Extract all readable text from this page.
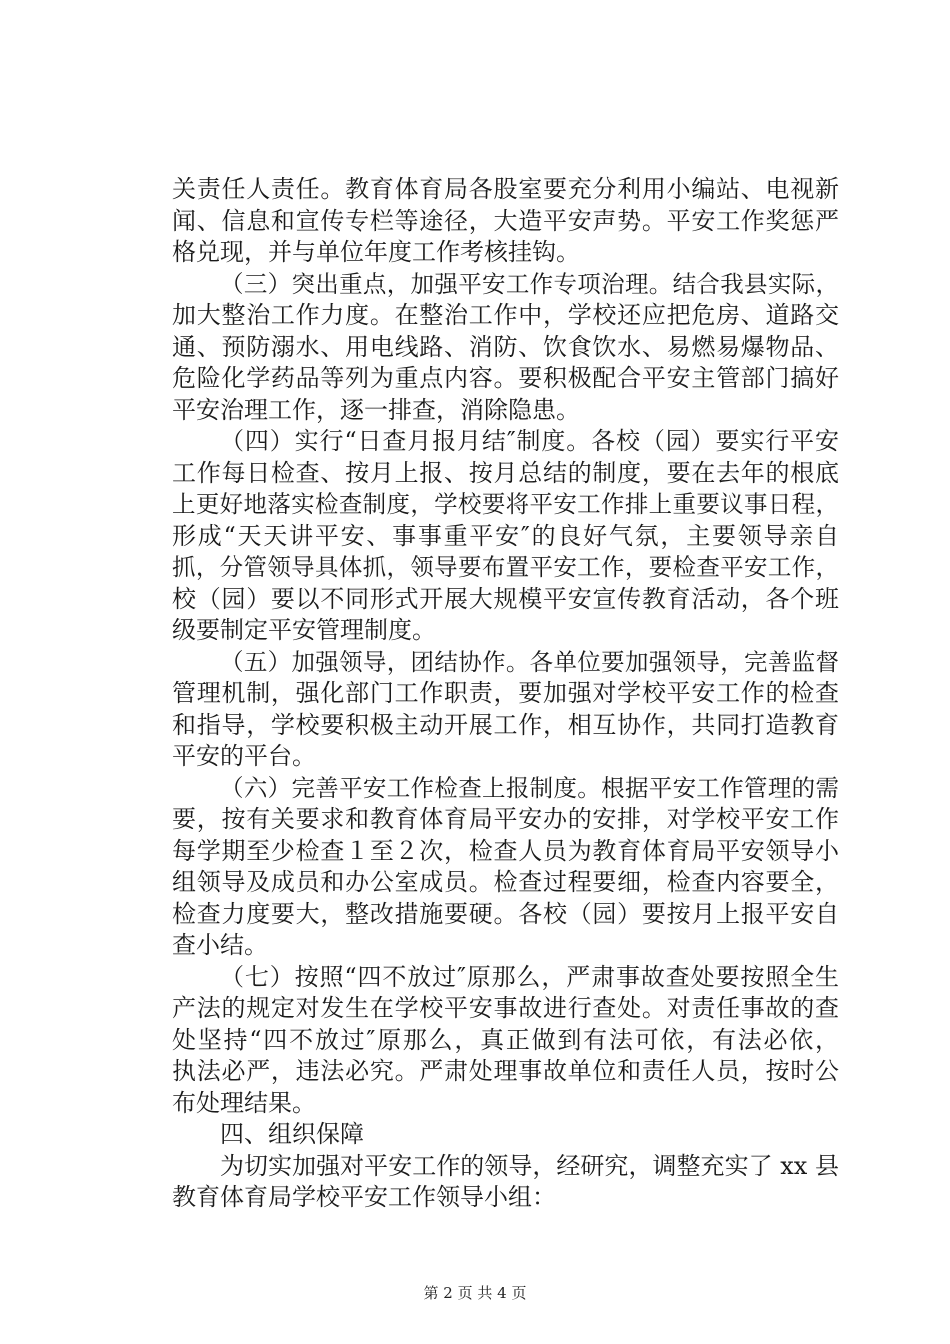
关责任人责任。教育体育局各股室要充分利用小编站、电视新
闻、信息和宣传专栏等途径，大造平安声势。平安工作奖惩严
格兑现，并与单位年度工作考核挂钩。
（三）突出重点，加强平安工作专项治理。结合我县实际，
加大整治工作力度。在整治工作中，学校还应把危房、道路交
通、预防溺水、用电线路、消防、饮食饮水、易燃易爆物品、
危险化学药品等列为重点内容。要积极配合平安主管部门搞好
平安治理工作，逐一排查，消除隐患。
（四）实行“日查月报月结″制度。各校（园）要实行平安
工作每日检查、按月上报、按月总结的制度，要在去年的根底
上更好地落实检查制度，学校要将平安工作排上重要议事日程，
形成“天天讲平安、事事重平安″的良好气氛，主要领导亲自
抓，分管领导具体抓，领导要布置平安工作，要检查平安工作，
校（园）要以不同形式开展大规模平安宣传教育活动，各个班
级要制定平安管理制度。
（五）加强领导，团结协作。各单位要加强领导，完善监督
管理机制，强化部门工作职责，要加强对学校平安工作的检查
和指导，学校要积极主动开展工作，相互协作，共同打造教育
平安的平台。
（六）完善平安工作检查上报制度。根据平安工作管理的需
要，按有关要求和教育体育局平安办的安排，对学校平安工作
每学期至少检查１至２次，检查人员为教育体育局平安领导小
组领导及成员和办公室成员。检查过程要细，检查内容要全，
检查力度要大，整改措施要硬。各校（园）要按月上报平安自
查小结。
（七）按照“四不放过″原那么，严肃事故查处要按照全生
产法的规定对发生在学校平安事故进行查处。对责任事故的查
处坚持“四不放过″原那么，真正做到有法可依，有法必依，
执法必严，违法必究。严肃处理事故单位和责任人员，按时公
布处理结果。
四、组织保障
为切实加强对平安工作的领导，经研究，调整充实了 xx 县
教育体育局学校平安工作领导小组：
第 2 页 共 4 页
